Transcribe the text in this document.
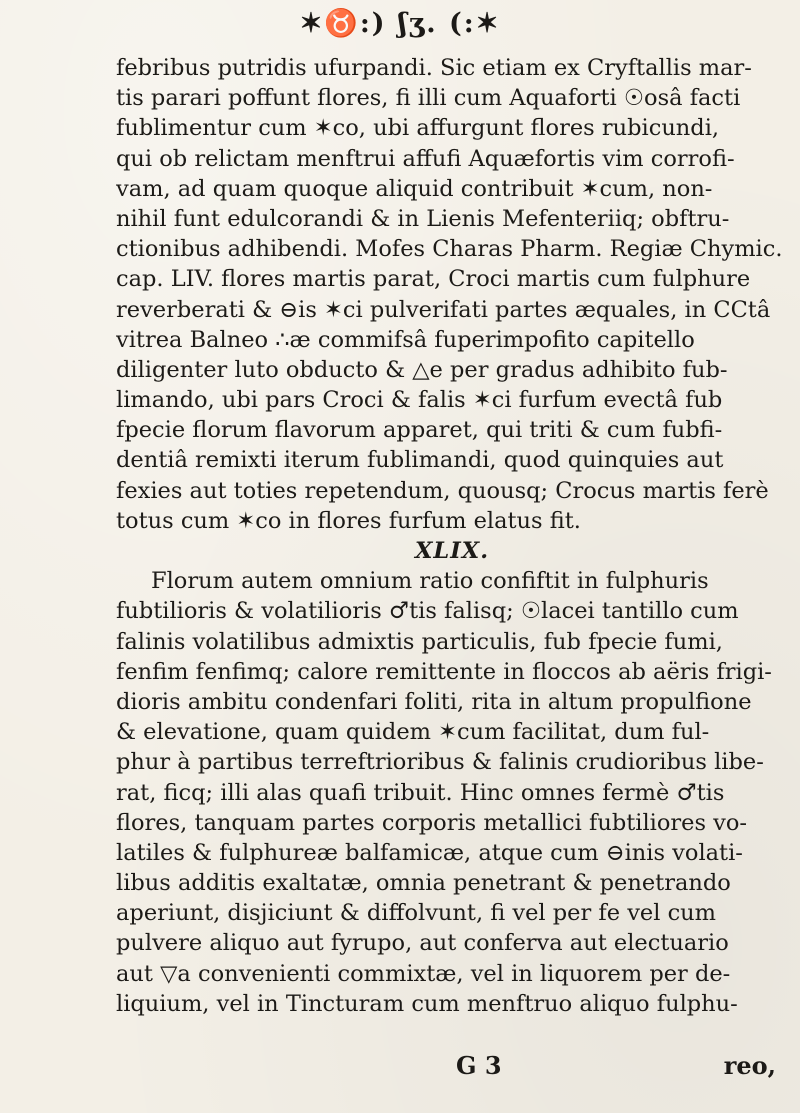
✶♉:) ʃʒ. (:✶
febribus putridis ufurpandi. Sic etiam ex Cryftallis mar-
tis parari poffunt flores, fi illi cum Aquaforti ☉osâ facti
fublimentur cum ✶co, ubi affurgunt flores rubicundi,
qui ob relictam menftrui affufi Aquæfortis vim corrofi-
vam, ad quam quoque aliquid contribuit ✶cum, non-
nihil funt edulcorandi & in Lienis Mefenteriiq; obftru-
ctionibus adhibendi. Mofes Charas Pharm. Regiæ Chymic.
cap. LIV. flores martis parat, Croci martis cum fulphure
reverberati & ⊖is ✶ci pulverifati partes æquales, in CCtâ
vitrea Balneo ∴æ commifsâ fuperimpofito capitello
diligenter luto obducto & △e per gradus adhibito fub-
limando, ubi pars Croci & falis ✶ci furfum evectâ fub
fpecie florum flavorum apparet, qui triti & cum fubfi-
dentiâ remixti iterum fublimandi, quod quinquies aut
fexies aut toties repetendum, quousq; Crocus martis ferè
totus cum ✶co in flores furfum elatus fit.
XLIX.
Florum autem omnium ratio confiftit in fulphuris
fubtilioris & volatilioris ♂tis falisq; ☉lacei tantillo cum
falinis volatilibus admixtis particulis, fub fpecie fumi,
fenfim fenfimq; calore remittente in floccos ab aëris frigi-
dioris ambitu condenfari foliti, rita in altum propulfione
& elevatione, quam quidem ✶cum facilitat, dum ful-
phur à partibus terreftrioribus & falinis crudioribus libe-
rat, ficq; illi alas quafi tribuit. Hinc omnes fermè ♂tis
flores, tanquam partes corporis metallici fubtiliores vo-
latiles & fulphureæ balfamicæ, atque cum ⊖inis volati-
libus additis exaltatæ, omnia penetrant & penetrando
aperiunt, disjiciunt & diffolvunt, fi vel per fe vel cum
pulvere aliquo aut fyrupo, aut conferva aut electuario
aut ▽a convenienti commixtæ, vel in liquorem per de-
liquium, vel in Tincturam cum menftruo aliquo fulphu-
G 3	reo,
